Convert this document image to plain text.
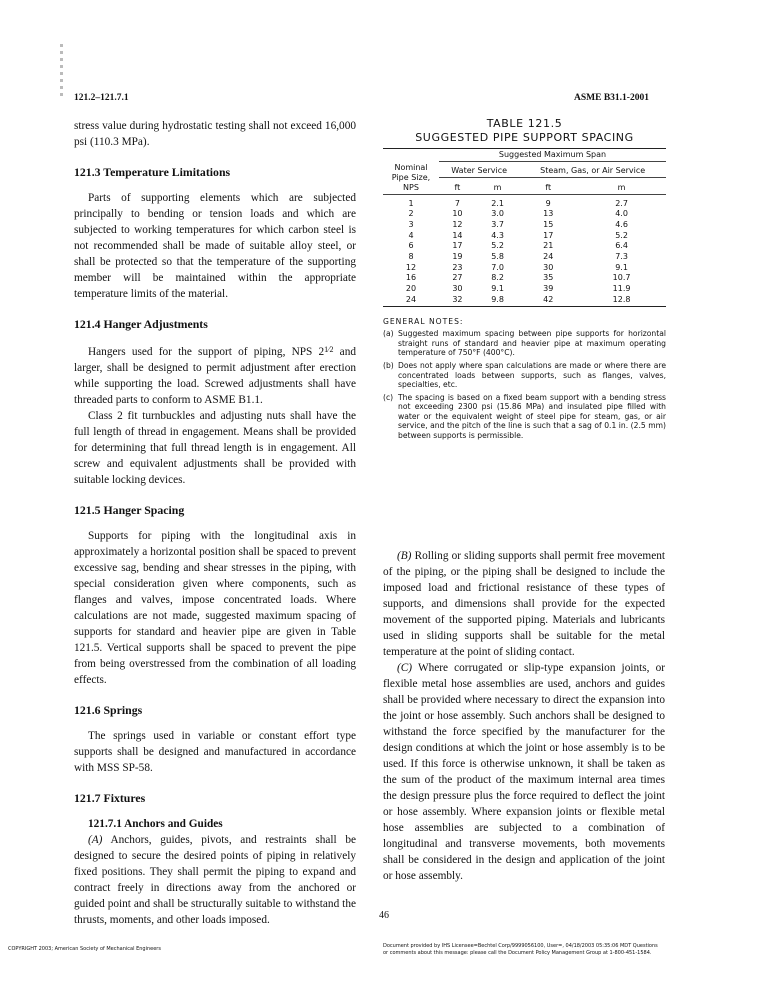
121.2–121.7.1	ASME B31.1-2001

stress value during hydrostatic testing shall not exceed 16,000 psi (110.3 MPa).

121.3 Temperature Limitations

Parts of supporting elements which are subjected principally to bending or tension loads and which are subjected to working temperatures for which carbon steel is not recommended shall be made of suitable alloy steel, or shall be protected so that the temperature of the supporting member will be maintained within the appropriate temperature limits of the material.

121.4 Hanger Adjustments

Hangers used for the support of piping, NPS $2^{1⁄2}$ and larger, shall be designed to permit adjustment after erection while supporting the load. Screwed adjustments shall have threaded parts to conform to ASME B1.1.

Class 2 fit turnbuckles and adjusting nuts shall have the full length of thread in engagement. Means shall be provided for determining that full thread length is in engagement. All screw and equivalent adjustments shall be provided with suitable locking devices.

121.5 Hanger Spacing

Supports for piping with the longitudinal axis in approximately a horizontal position shall be spaced to prevent excessive sag, bending and shear stresses in the piping, with special consideration given where components, such as flanges and valves, impose concentrated loads. Where calculations are not made, suggested maximum spacing of supports for standard and heavier pipe are given in Table 121.5. Vertical supports shall be spaced to prevent the pipe from being overstressed from the combination of all loading effects.

121.6 Springs

The springs used in variable or constant effort type supports shall be designed and manufactured in accordance with MSS SP-58.

121.7 Fixtures
121.7.1 Anchors and Guides

(A) Anchors, guides, pivots, and restraints shall be designed to secure the desired points of piping in relatively fixed positions. They shall permit the piping to expand and contract freely in directions away from the anchored or guided point and shall be structurally suitable to withstand the thrusts, moments, and other loads imposed.

TABLE 121.5
SUGGESTED PIPE SUPPORT SPACING
	Suggested Maximum Span			
Nominal Pipe Size, NPS	Water Service		Steam, Gas, or Air Service	
	ft	m	ft	m
1	7	2.1	9	2.7
2	10	3.0	13	4.0
3	12	3.7	15	4.6
4	14	4.3	17	5.2
6	17	5.2	21	6.4
8	19	5.8	24	7.3
12	23	7.0	30	9.1
16	27	8.2	35	10.7
20	30	9.1	39	11.9
24	32	9.8	42	12.8
GENERAL NOTES:
(a) Suggested maximum spacing between pipe supports for horizontal straight runs of standard and heavier pipe at maximum operating temperature of 750°F (400°C).
(b) Does not apply where span calculations are made or where there are concentrated loads between supports, such as flanges, valves, specialties, etc.
(c) The spacing is based on a fixed beam support with a bending stress not exceeding 2300 psi (15.86 MPa) and insulated pipe filled with water or the equivalent weight of steel pipe for steam, gas, or air service, and the pitch of the line is such that a sag of 0.1 in. (2.5 mm) between supports is permissible.

(B) Rolling or sliding supports shall permit free movement of the piping, or the piping shall be designed to include the imposed load and frictional resistance of these types of supports, and dimensions shall provide for the expected movement of the supported piping. Materials and lubricants used in sliding supports shall be suitable for the metal temperature at the point of sliding contact.

(C) Where corrugated or slip-type expansion joints, or flexible metal hose assemblies are used, anchors and guides shall be provided where necessary to direct the expansion into the joint or hose assembly. Such anchors shall be designed to withstand the force specified by the manufacturer for the design conditions at which the joint or hose assembly is to be used. If this force is otherwise unknown, it shall be taken as the sum of the product of the maximum internal area times the design pressure plus the force required to deflect the joint or hose assembly. Where expansion joints or flexible metal hose assemblies are subjected to a combination of longitudinal and transverse movements, both movements shall be considered in the design and application of the joint or hose assembly.

46
COPYRIGHT 2003; American Society of Mechanical Engineers	Document provided by IHS Licensee=Bechtel Corp/9999056100, User=, 04/18/2003 05:35:06 MDT Questions or comments about this message: please call the Document Policy Management Group at 1-800-451-1584.
